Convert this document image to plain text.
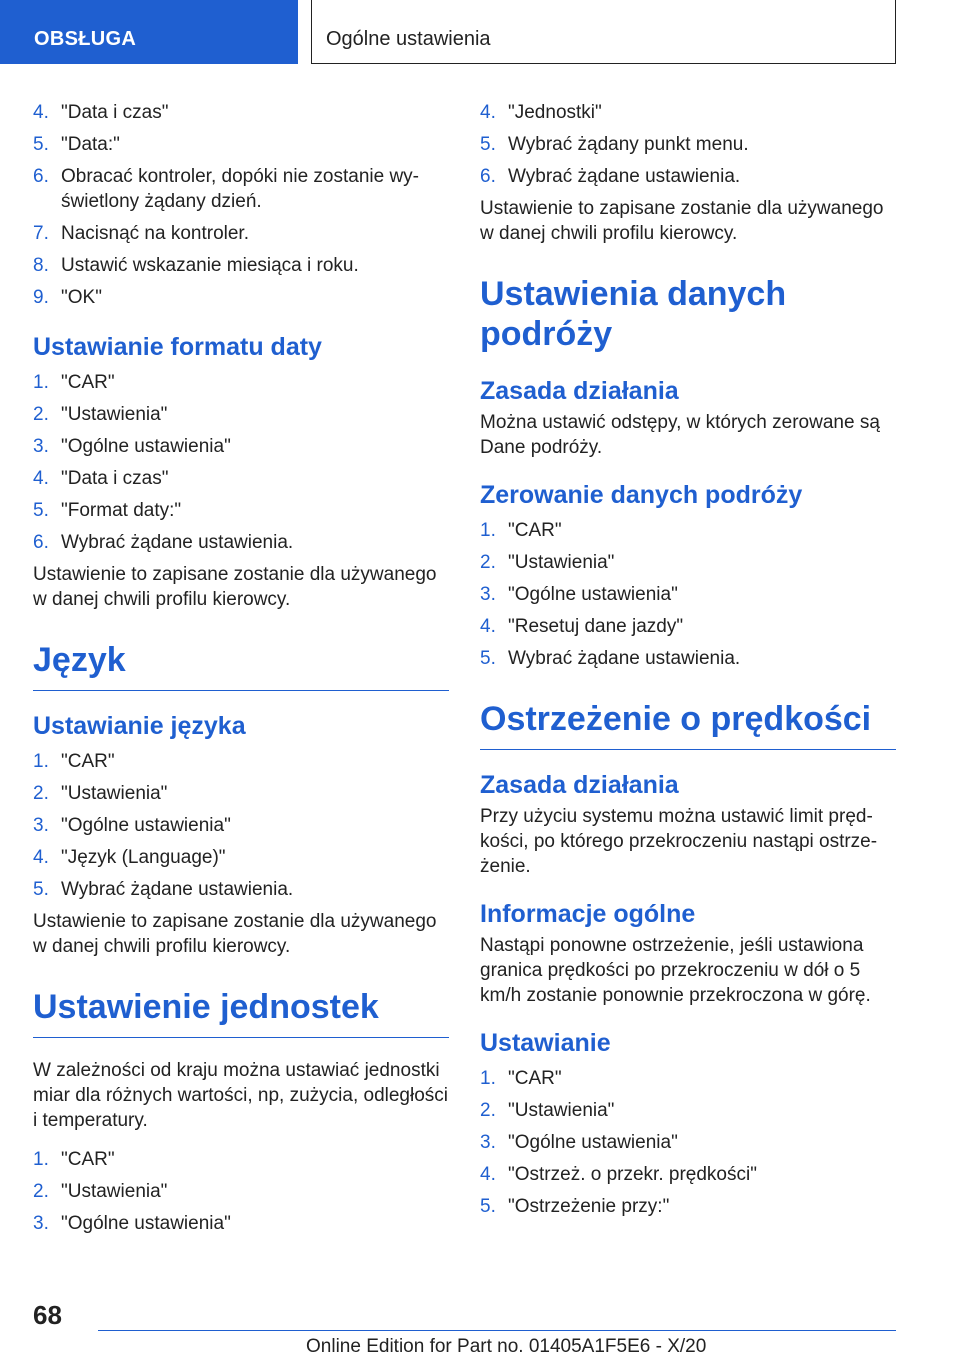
OBSŁUGA	Ogólne ustawienia
4. "Data i czas"
5. "Data:"
6. Obracać kontroler, dopóki nie zostanie wy‐świetlony żądany dzień.
7. Nacisnąć na kontroler.
8. Ustawić wskazanie miesiąca i roku.
9. "OK"
Ustawianie formatu daty
1. "CAR"
2. "Ustawienia"
3. "Ogólne ustawienia"
4. "Data i czas"
5. "Format daty:"
6. Wybrać żądane ustawienia.

Ustawienie to zapisane zostanie dla używanego w danej chwili profilu kierowcy.

Język
Ustawianie języka
1. "CAR"
2. "Ustawienia"
3. "Ogólne ustawienia"
4. "Język (Language)"
5. Wybrać żądane ustawienia.

Ustawienie to zapisane zostanie dla używanego w danej chwili profilu kierowcy.

Ustawienie jednostek

W zależności od kraju można ustawiać jednostki miar dla różnych wartości, np, zużycia, odległości i temperatury.

1. "CAR"
2. "Ustawienia"
3. "Ogólne ustawienia"
4. "Jednostki"
5. Wybrać żądany punkt menu.
6. Wybrać żądane ustawienia.

Ustawienie to zapisane zostanie dla używanego w danej chwili profilu kierowcy.

Ustawienia danych podróży
Zasada działania

Można ustawić odstępy, w których zerowane są Dane podróży.

Zerowanie danych podróży
1. "CAR"
2. "Ustawienia"
3. "Ogólne ustawienia"
4. "Resetuj dane jazdy"
5. Wybrać żądane ustawienia.
Ostrzeżenie o prędkości
Zasada działania

Przy użyciu systemu można ustawić limit pręd‐kości, po którego przekroczeniu nastąpi ostrze‐żenie.

Informacje ogólne

Nastąpi ponowne ostrzeżenie, jeśli ustawiona granica prędkości po przekroczeniu w dół o 5 km/h zostanie ponownie przekroczona w górę.

Ustawianie
1. "CAR"
2. "Ustawienia"
3. "Ogólne ustawienia"
4. "Ostrzeż. o przekr. prędkości"
5. "Ostrzeżenie przy:"
68
Online Edition for Part no. 01405A1F5E6 - X/20
